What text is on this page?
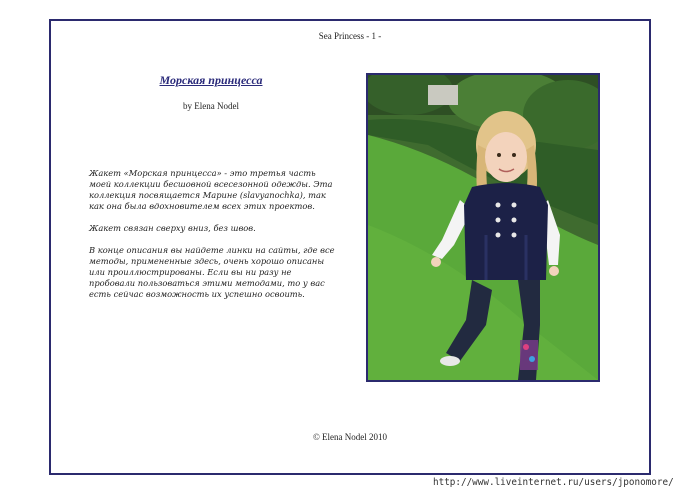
Sea Princess - 1 -
Морская принцесса
by Elena Nodel

Жакет «Морская принцесса» - это третья часть моей коллекции бесшовной всесезонной одежды. Эта коллекция посвящается Марине (slavyanochka), так как она была вдохновителем всех этих проектов.

Жакет связан сверху вниз, без швов.

В конце описания вы найдете линки на сайты, где все методы, примененные здесь, очень хорошо описаны или проиллюстрированы. Если вы ни разу не пробовали пользоваться этими методами, то у вас есть сейчас возможность их успешно освоить.

© Elena Nodel 2010
http://www.liveinternet.ru/users/jponomore/
